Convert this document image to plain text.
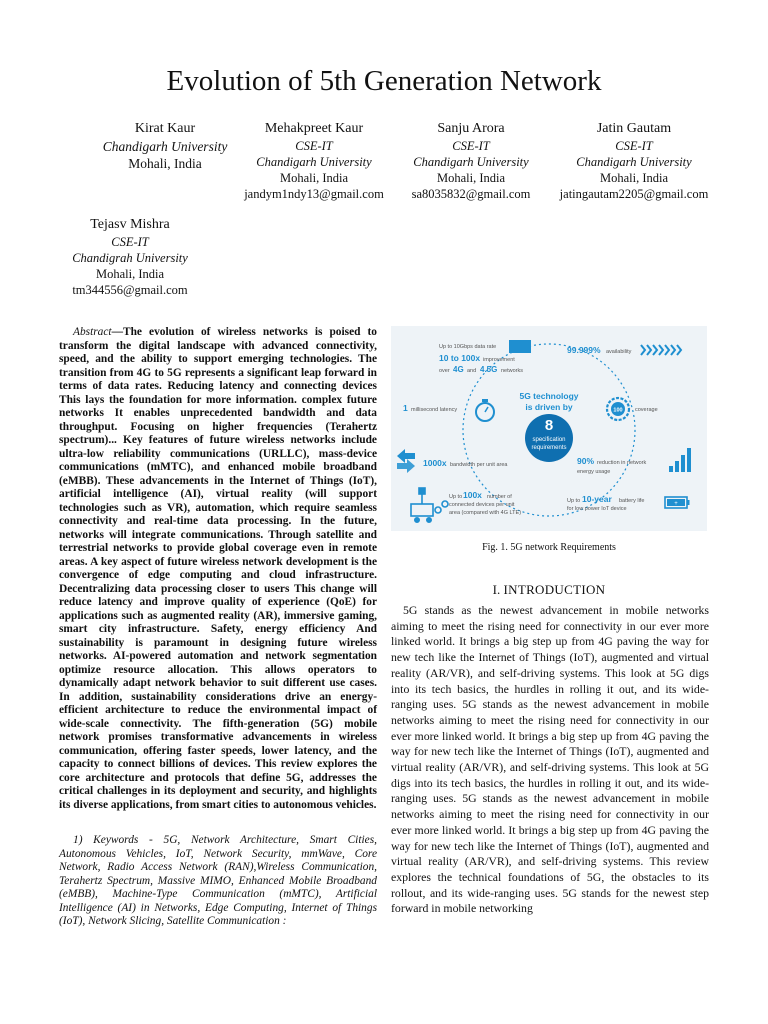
Evolution of 5th Generation Network
Kirat Kaur
Chandigarh University
Mohali, India
Mehakpreet Kaur
CSE-IT
Chandigarh University
Mohali, India
jandym1ndy13@gmail.com
Sanju Arora
CSE-IT
Chandigarh University
Mohali, India
sa8035832@gmail.com
Jatin Gautam
CSE-IT
Chandigarh University
Mohali, India
jatingautam2205@gmail.com
Tejasv Mishra
CSE-IT
Chandigrah University
Mohali, India
tm344556@gmail.com
Abstract—The evolution of wireless networks is poised to transform the digital landscape with advanced connectivity, speed, and the ability to support emerging technologies. The transition from 4G to 5G represents a significant leap forward in terms of data rates. Reducing latency and connecting devices This lays the foundation for more information. complex future networks It enables unprecedented bandwidth and data throughput. Focusing on higher frequencies (Terahertz spectrum)... Key features of future wireless networks include ultra-low reliability communications (URLLC), mass-device communications (mMTC), and enhanced mobile broadband (eMBB). These advancements in the Internet of Things (IoT), artificial intelligence (AI), virtual reality (will support technologies such as VR), automation, which require seamless connectivity and real-time data processing. In the future, networks will integrate communications. Through satellite and terrestrial networks to provide global coverage even in remote areas. A key aspect of future wireless network development is the convergence of edge computing and cloud infrastructure. Decentralizing data processing closer to users This change will reduce latency and improve quality of experience (QoE) for applications such as augmented reality (AR), immersive gaming, smart city infrastructure. Safety, energy efficiency And sustainability is paramount in designing future wireless networks. AI-powered automation and network segmentation optimize resource allocation. This allows operators to dynamically adapt network behavior to suit different use cases. In addition, sustainability considerations drive an energy-efficient architecture to reduce the environmental impact of wide-scale connectivity. The fifth-generation (5G) mobile network promises transformative advancements in wireless communication, offering faster speeds, lower latency, and the capacity to connect billions of devices. This review explores the core architecture and protocols that define 5G, addresses the critical challenges in its deployment and security, and highlights its diverse applications, from smart cities to autonomous vehicles.
1) Keywords - 5G, Network Architecture, Smart Cities, Autonomous Vehicles, IoT, Network Security, mmWave, Core Network, Radio Access Network (RAN),Wireless Communication, Terahertz Spectrum, Massive MIMO, Enhanced Mobile Broadband (eMBB), Machine-Type Communication (mMTC), Artificial Intelligence (AI) in Networks, Edge Computing, Internet of Things (IoT), Network Slicing, Satellite Communication :
5G technology
is driven by
8
specification
requirements
Up to 10Gbps data rate
10 to 100x improvement
over 4G and 4.5G networks
99.999% availability
1 millisecond latency	100 coverage
1000x bandwidth per unit area	90% reduction in network
energy usage
Up to 100x number of
connected devices per unit
area (compared with 4G LTE)
Up to 10-year battery life
for low power IoT device
+
Fig. 1. 5G network Requirements
I. INTRODUCTION
5G stands as the newest advancement in mobile networks aiming to meet the rising need for connectivity in our ever more linked world. It brings a big step up from 4G paving the way for new tech like the Internet of Things (IoT), augmented and virtual reality (AR/VR), and self-driving systems. This look at 5G digs into its tech basics, the hurdles in rolling it out, and its wide-ranging uses. 5G stands as the newest advancement in mobile networks aiming to meet the rising need for connectivity in our ever more linked world. It brings a big step up from 4G paving the way for new tech like the Internet of Things (IoT), augmented and virtual reality (AR/VR), and self-driving systems. This look at 5G digs into its tech basics, the hurdles in rolling it out, and its wide-ranging uses. 5G stands as the newest advancement in mobile networks aiming to meet the rising need for connectivity in our ever more linked world. It brings a big step up from 4G paving the way for new tech like the Internet of Things (IoT), augmented and virtual reality (AR/VR), and self-driving systems. This review explores the technical foundations of 5G, the obstacles to its rollout, and its wide-ranging uses. 5G stands for the newest step forward in mobile networking
